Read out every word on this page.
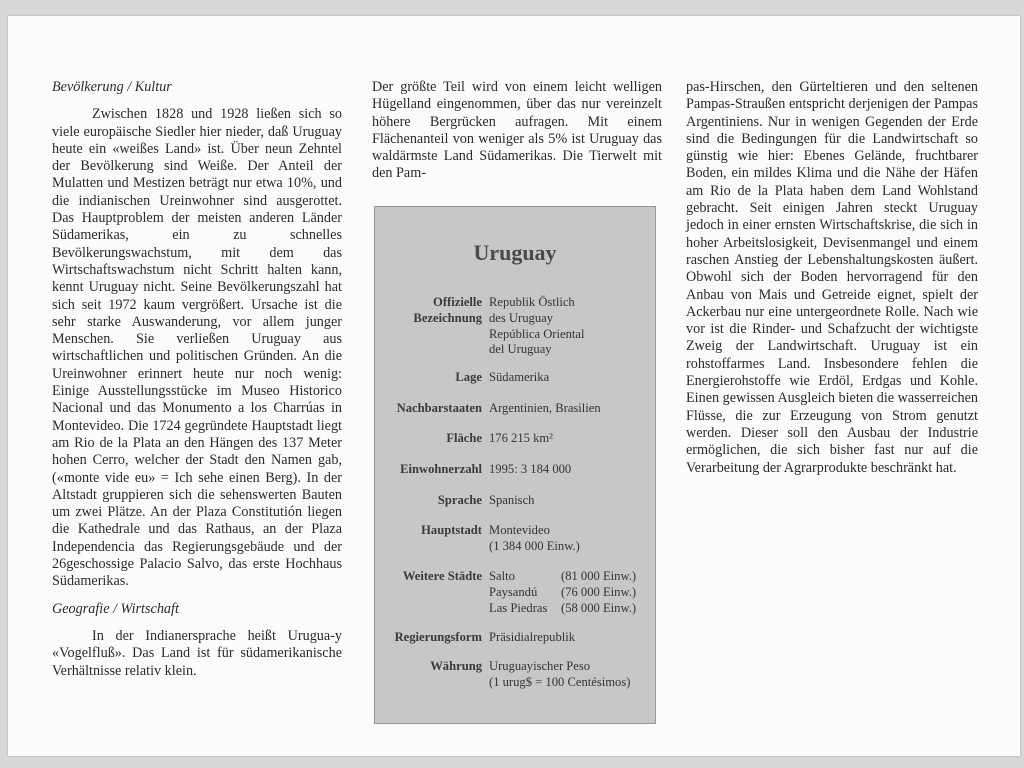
Bevölkerung / Kultur

Zwischen 1828 und 1928 ließen sich so viele europäische Siedler hier nieder, daß Uruguay heute ein «weißes Land» ist. Über neun Zehntel der Bevölkerung sind Weiße. Der Anteil der Mulatten und Mestizen beträgt nur etwa 10%, und die indianischen Ureinwohner sind ausgerottet. Das Hauptproblem der meisten anderen Länder Südamerikas, ein zu schnelles Bevölkerungswachstum, mit dem das Wirtschaftswachstum nicht Schritt halten kann, kennt Uruguay nicht. Seine Bevölkerungszahl hat sich seit 1972 kaum vergrößert. Ursache ist die sehr starke Auswanderung, vor allem junger Menschen. Sie verließen Uruguay aus wirtschaftlichen und politischen Gründen. An die Ureinwohner erinnert heute nur noch wenig: Einige Ausstellungsstücke im Museo Historico Nacional und das Monumento a los Charrúas in Montevideo. Die 1724 gegründete Hauptstadt liegt am Rio de la Plata an den Hängen des 137 Meter hohen Cerro, welcher der Stadt den Namen gab, («monte vide eu» = Ich sehe einen Berg). In der Altstadt gruppieren sich die sehenswerten Bauten um zwei Plätze. An der Plaza Constitutión liegen die Kathedrale und das Rathaus, an der Plaza Independencia das Regierungsgebäude und der 26geschossige Palacio Salvo, das erste Hochhaus Südamerikas.

Geografie / Wirtschaft

In der Indianersprache heißt Urugua-y «Vogelfluß». Das Land ist für südamerikanische Verhältnisse relativ klein.

Der größte Teil wird von einem leicht welligen Hügelland eingenommen, über das nur vereinzelt höhere Bergrücken aufragen. Mit einem Flächenanteil von weniger als 5% ist Uruguay das waldärmste Land Südamerikas. Die Tierwelt mit den Pam-

Uruguay
Offizielle
Bezeichnung
Republik Östlich
des Uruguay
República Oriental
del Uruguay
Lage Südamerika
Nachbarstaaten Argentinien, Brasilien
Fläche 176 215 km²
Einwohnerzahl 1995: 3 184 000
Sprache Spanisch
Hauptstadt Montevideo
(1 384 000 Einw.)
Weitere Städte Salto	(81 000 Einw.)
Paysandú (76 000 Einw.)
Las Piedras (58 000 Einw.)
Regierungsform Präsidialrepublik
Währung Uruguayischer Peso
(1 urug$ = 100 Centésimos)

pas-Hirschen, den Gürteltieren und den seltenen Pampas-Straußen entspricht derjenigen der Pampas Argentiniens. Nur in wenigen Gegenden der Erde sind die Bedingungen für die Landwirtschaft so günstig wie hier: Ebenes Gelände, fruchtbarer Boden, ein mildes Klima und die Nähe der Häfen am Rio de la Plata haben dem Land Wohlstand gebracht. Seit einigen Jahren steckt Uruguay jedoch in einer ernsten Wirtschaftskrise, die sich in hoher Arbeitslosigkeit, Devisenmangel und einem raschen Anstieg der Lebenshaltungskosten äußert. Obwohl sich der Boden hervorragend für den Anbau von Mais und Getreide eignet, spielt der Ackerbau nur eine untergeordnete Rolle. Nach wie vor ist die Rinder- und Schafzucht der wichtigste Zweig der Landwirtschaft. Uruguay ist ein rohstoffarmes Land. Insbesondere fehlen die Energierohstoffe wie Erdöl, Erdgas und Kohle. Einen gewissen Ausgleich bieten die wasserreichen Flüsse, die zur Erzeugung von Strom genutzt werden. Dieser soll den Ausbau der Industrie ermöglichen, die sich bisher fast nur auf die Verarbeitung der Agrarprodukte beschränkt hat.
